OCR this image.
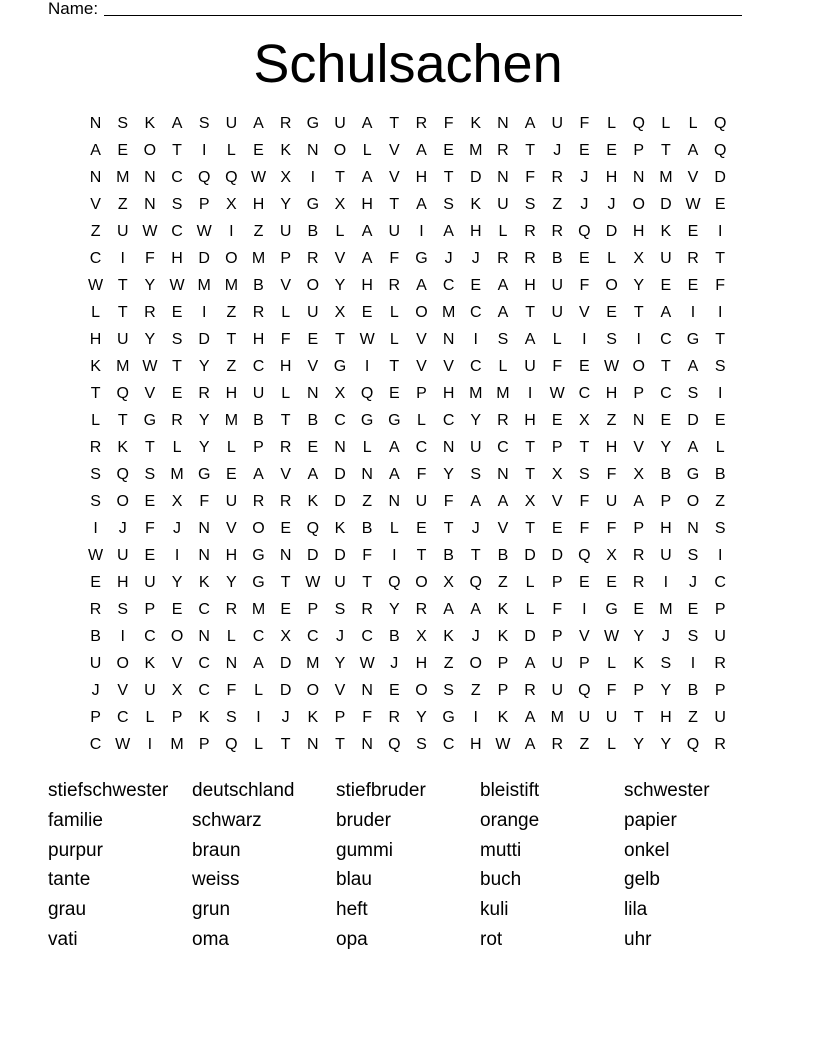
Name:
Schulsachen
N	S	K	A	S	U	A	R G U	A	T	R	F	K	N	A	U	F	L	Q	L	L	Q
A	E O	T	I	L	E	K	N O	L	V	A	E M R	T	J	E	E	P	T	A Q
N M N C Q Q W X	I	T	A	V	H	T	D N	F	R	J	H N M V	D
V	Z	N	S	P	X	H	Y G X	H	T	A	S	K	U	S	Z	J	J	O D W E
Z	U W C W	I	Z	U	B	L	A	U	I	A	H	L	R R Q D H	K	E	I
C	I	F	H D O M P	R	V	A	F	G	J	J	R R	B	E	L	X	U R	T
W T	Y W M M B	V O Y	H R	A	C	E	A	H U	F	O Y	E	E	F
L	T	R	E	I	Z	R	L	U	X	E	L	O M C	A	T	U	V	E	T	A	I	I
H U	Y	S	D	T	H	F	E	T W L	V	N	I	S	A	L	I	S	I	C G	T
K M W T	Y	Z	C H	V G	I	T	V	V	C	L	U	F	E W O	T	A	S
T	Q V	E	R H U	L	N	X Q E	P	H M M	I	W C H	P	C	S	I
L	T	G R	Y M B	T	B	C G G	L	C	Y	R H	E	X	Z	N	E	D	E
R	K	T	L	Y	L	P	R	E	N	L	A	C N U C	T	P	T	H	V	Y	A	L
S Q S M G E	A	V	A	D N	A	F	Y	S	N	T	X	S	F	X	B G B
S O E	X	F	U R R	K	D	Z	N U	F	A	A	X	V	F	U	A	P O	Z
I	J	F	J	N	V O E Q K	B	L	E	T	J	V	T	E	F	F	P	H N	S
W U	E	I	N H G N D D	F	I	T	B	T	B	D D Q X	R U	S	I
E	H U	Y	K	Y G	T W U	T	Q O X Q	Z	L	P	E	E	R	I	J	C
R	S	P	E	C R M E	P	S	R	Y	R	A	A	K	L	F	I	G E M E	P
B	I	C O N	L	C	X	C	J	C	B	X	K	J	K	D	P	V W Y	J	S	U
U O K	V	C N	A	D M Y W J	H	Z	O P	A	U	P	L	K	S	I	R
J	V	U	X	C	F	L	D O V	N	E O S	Z	P	R U Q	F	P	Y	B	P
P	C	L	P	K	S	I	J	K	P	F	R	Y G	I	K	A M U U	T	H	Z	U
C W	I	M P Q	L	T	N	T	N Q S	C H W A	R	Z	L	Y	Y Q R
stiefschwester	deutschland	stiefbruder	bleistift	schwester
familie	schwarz	bruder	orange	papier
purpur	braun	gummi	mutti	onkel
tante	weiss	blau	buch	gelb
grau	grun	heft	kuli	lila
vati	oma	opa	rot	uhr
